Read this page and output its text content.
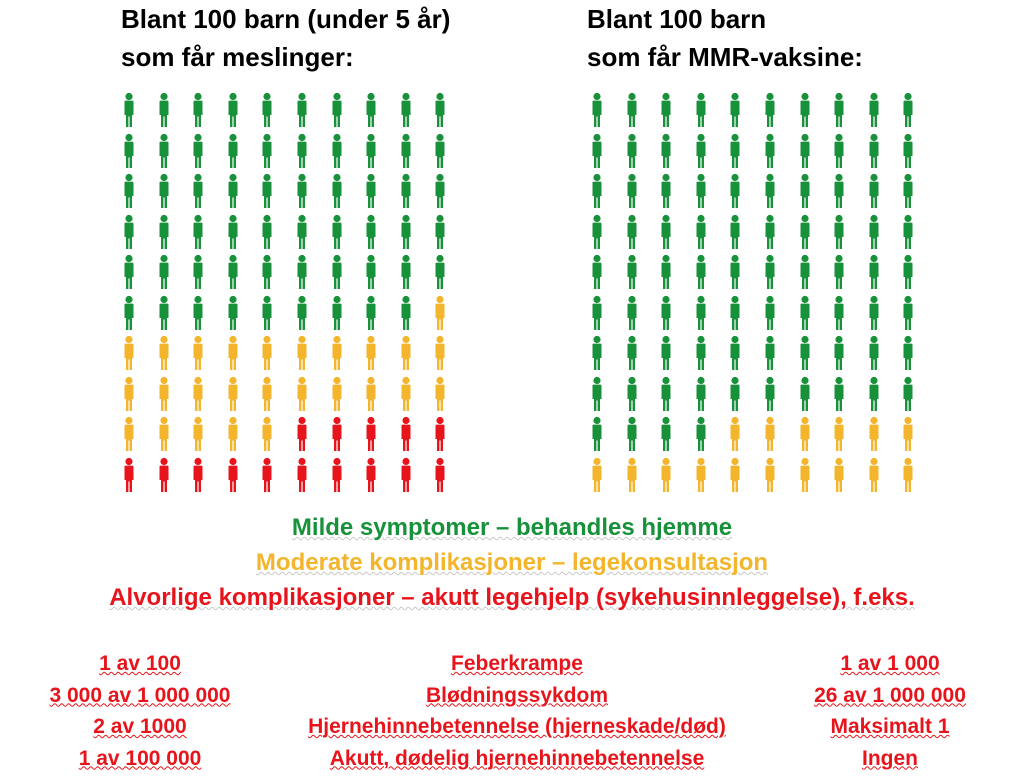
Blant 100 barn (under 5 år)
som får meslinger:
Blant 100 barn
som får MMR-vaksine:
Milde symptomer – behandles hjemme
Moderate komplikasjoner – legekonsultasjon
Alvorlige komplikasjoner – akutt legehjelp (sykehusinnleggelse), f.eks.
1 av 100
3 000 av 1 000 000
2 av 1000
1 av 100 000
Feberkrampe
Blødningssykdom
Hjernehinnebetennelse (hjerneskade/død)
Akutt, dødelig hjernehinnebetennelse
1 av 1 000
26 av 1 000 000
Maksimalt 1
Ingen
